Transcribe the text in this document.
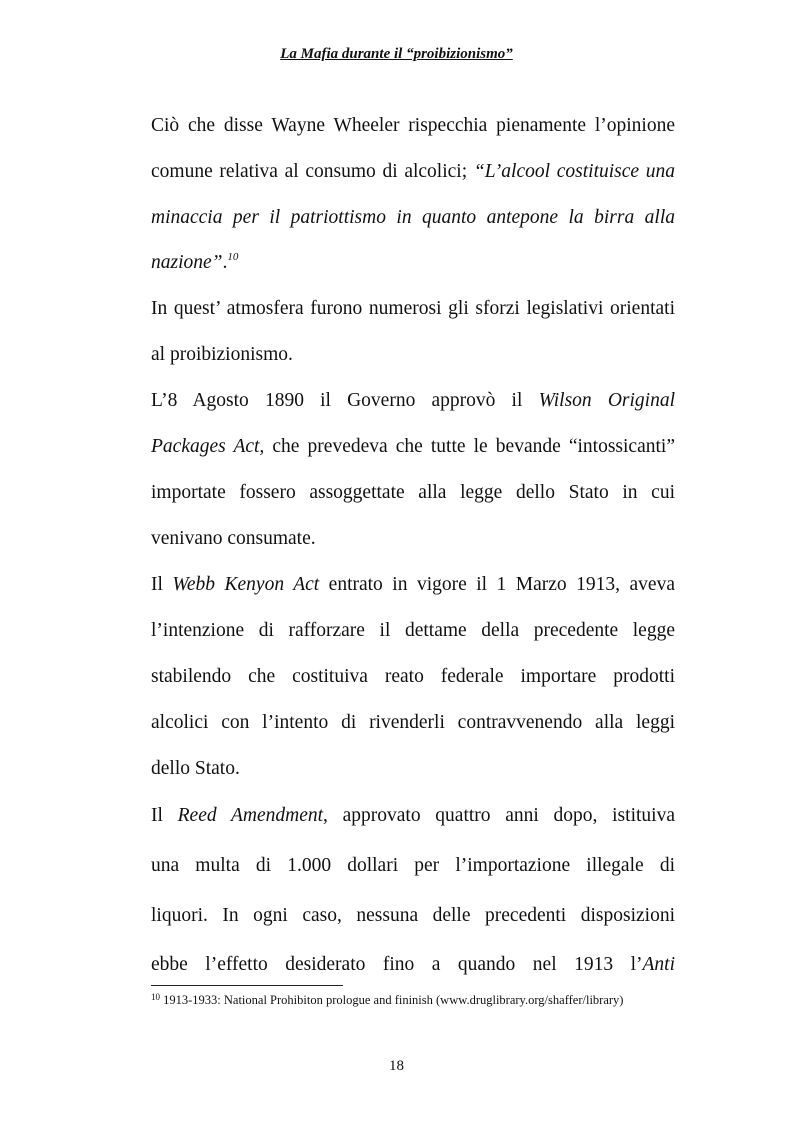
La Mafia durante il “proibizionismo”
Ciò che disse Wayne Wheeler rispecchia pienamente l’opinione
comune relativa al consumo di alcolici; “L’alcool costituisce una
minaccia per il patriottismo in quanto antepone la birra alla
nazione”.$^{10}$
In quest’ atmosfera furono numerosi gli sforzi legislativi orientati
al proibizionismo.
L’8 Agosto 1890 il Governo approvò il Wilson Original
Packages Act, che prevedeva che tutte le bevande “intossicanti”
importate fossero assoggettate alla legge dello Stato in cui
venivano consumate.
Il Webb Kenyon Act entrato in vigore il 1 Marzo 1913, aveva
l’intenzione di rafforzare il dettame della precedente legge
stabilendo che costituiva reato federale importare prodotti
alcolici con l’intento di rivenderli contravvenendo alla leggi
dello Stato.
Il Reed Amendment, approvato quattro anni dopo, istituiva
una multa di 1.000 dollari per l’importazione illegale di
liquori. In ogni caso, nessuna delle precedenti disposizioni
ebbe l’effetto desiderato fino a quando nel 1913 l’Anti
$^{10}$ 1913-1933: National Prohibiton prologue and fininish (www.druglibrary.org/shaffer/library)
18
